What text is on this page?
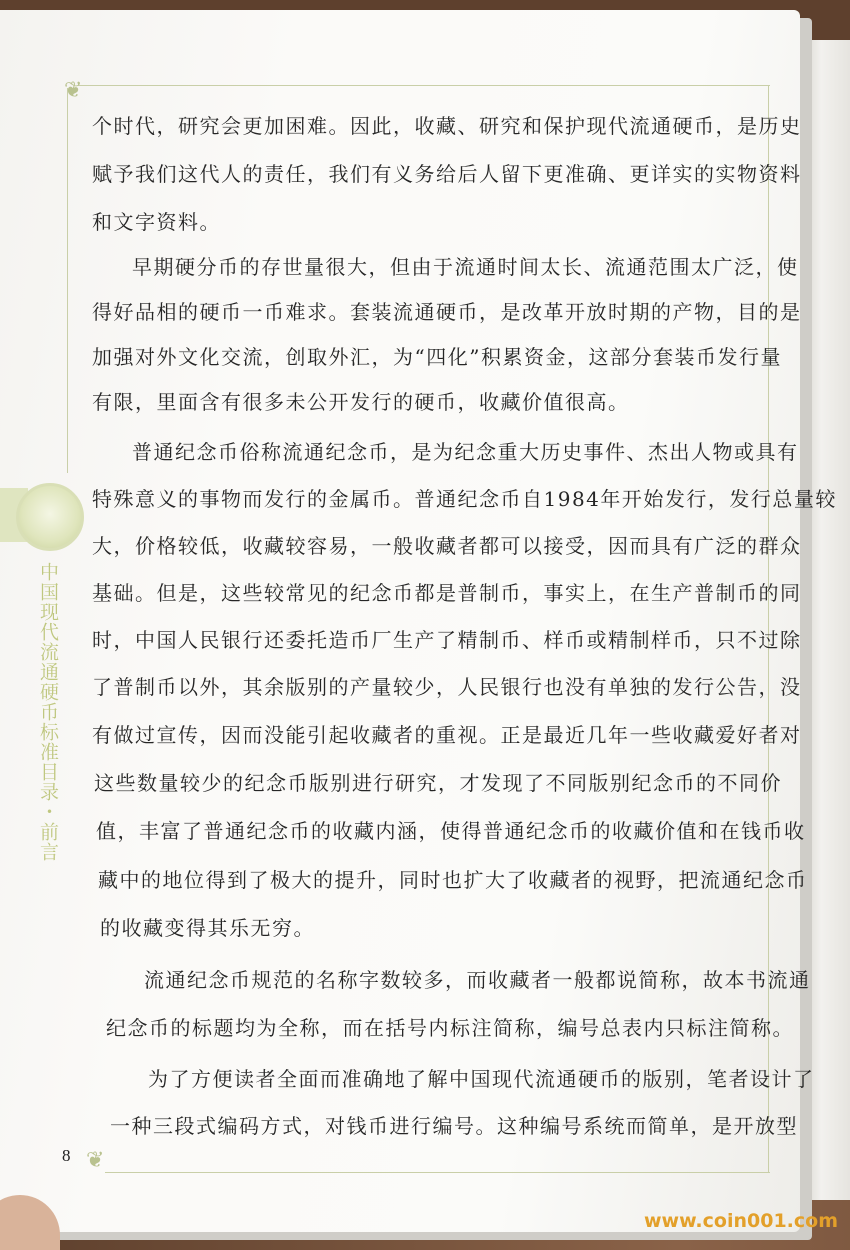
❦
❦
中国现代流通硬币标准目录・前言
个时代，研究会更加困难。因此，收藏、研究和保护现代流通硬币，是历史
赋予我们这代人的责任，我们有义务给后人留下更准确、更详实的实物资料
和文字资料。
早期硬分币的存世量很大，但由于流通时间太长、流通范围太广泛，使
得好品相的硬币一币难求。套装流通硬币，是改革开放时期的产物，目的是
加强对外文化交流，创取外汇，为“四化”积累资金，这部分套装币发行量
有限，里面含有很多未公开发行的硬币，收藏价值很高。
普通纪念币俗称流通纪念币，是为纪念重大历史事件、杰出人物或具有
特殊意义的事物而发行的金属币。普通纪念币自1984年开始发行，发行总量较
大，价格较低，收藏较容易，一般收藏者都可以接受，因而具有广泛的群众
基础。但是，这些较常见的纪念币都是普制币，事实上，在生产普制币的同
时，中国人民银行还委托造币厂生产了精制币、样币或精制样币，只不过除
了普制币以外，其余版别的产量较少，人民银行也没有单独的发行公告，没
有做过宣传，因而没能引起收藏者的重视。正是最近几年一些收藏爱好者对
这些数量较少的纪念币版别进行研究，才发现了不同版别纪念币的不同价
值，丰富了普通纪念币的收藏内涵，使得普通纪念币的收藏价值和在钱币收
藏中的地位得到了极大的提升，同时也扩大了收藏者的视野，把流通纪念币
的收藏变得其乐无穷。
流通纪念币规范的名称字数较多，而收藏者一般都说简称，故本书流通
纪念币的标题均为全称，而在括号内标注简称，编号总表内只标注简称。
为了方便读者全面而准确地了解中国现代流通硬币的版别，笔者设计了
一种三段式编码方式，对钱币进行编号。这种编号系统而简单，是开放型
8
www.coin001.com
